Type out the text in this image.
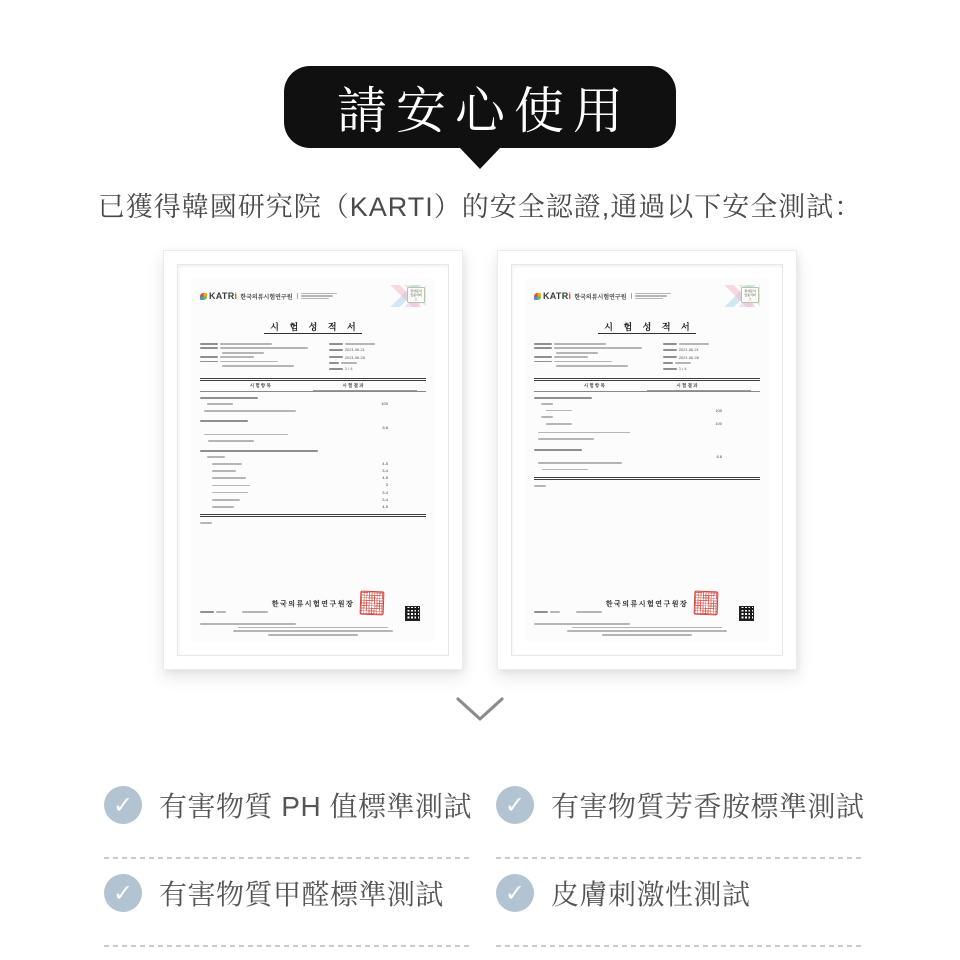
請安心使用
已獲得韓國研究院（KARTI）的安全認證,通過以下安全測試：
KATRi 한국의류시험연구원
전자문서 인증서비스
시 험 성 적 서
2021.06.21
2021.06.28
1 / 4
시 험 항 목	시 험 결 과
100
6.8
4-5
3-4
4-5
3
3-4
3-4
4-5
한국의류시험연구원장
KATRi 한국의류시험연구원
전자문서 인증서비스
시 험 성 적 서
2021.06.21
2021.06.28
1 / 4
시 험 항 목	시 험 결 과
100
100
6.8
한국의류시험연구원장
✓ 有害物質 PH 值標準測試	✓ 有害物質芳香胺標準測試
✓ 有害物質甲醛標準測試	✓ 皮膚刺激性測試
